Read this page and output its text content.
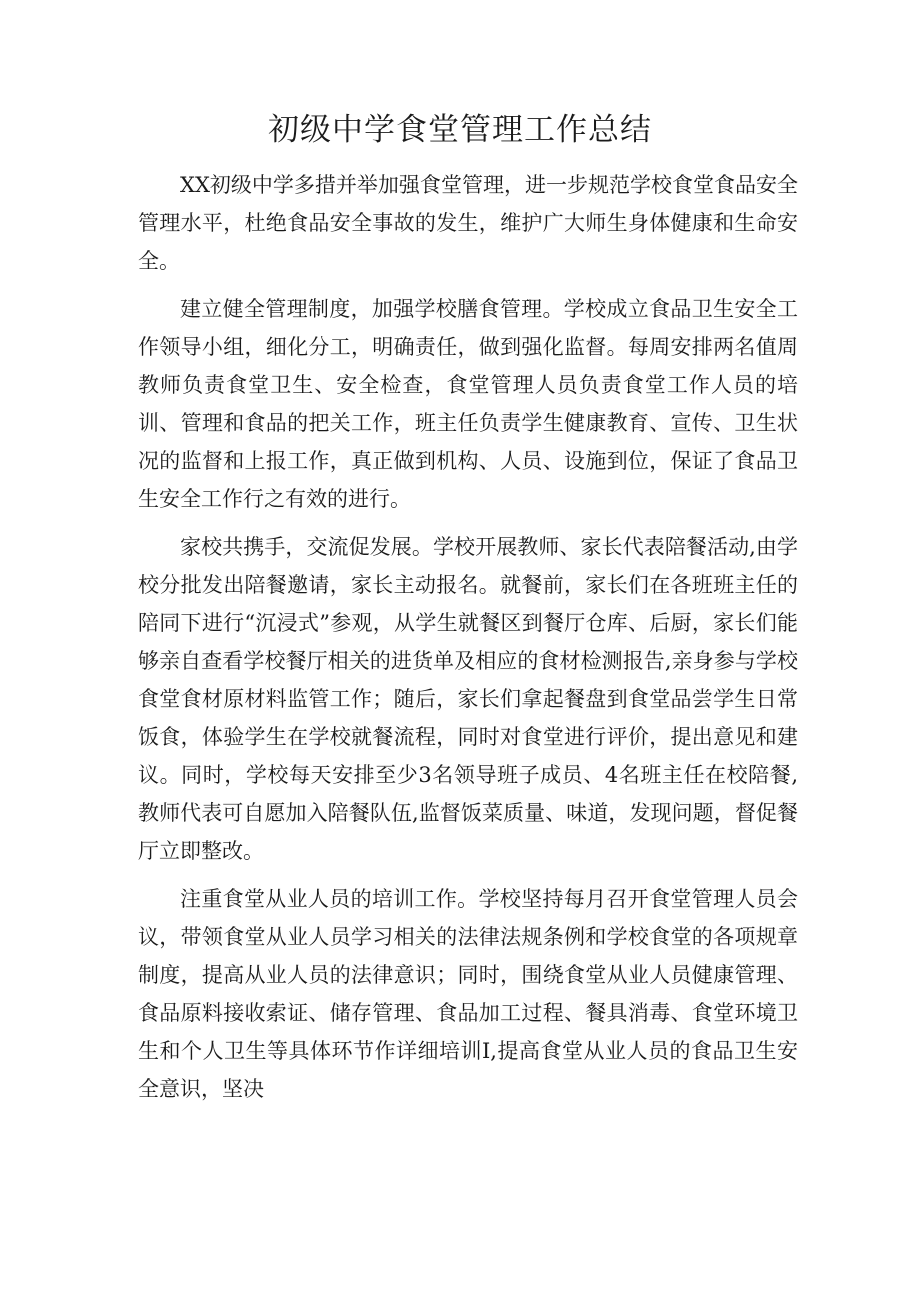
初级中学食堂管理工作总结

XX初级中学多措并举加强食堂管理，进一步规范学校食堂食品安全管理水平，杜绝食品安全事故的发生，维护广大师生身体健康和生命安全。

建立健全管理制度，加强学校膳食管理。学校成立食品卫生安全工作领导小组，细化分工，明确责任，做到强化监督。每周安排两名值周教师负责食堂卫生、安全检查，食堂管理人员负责食堂工作人员的培训、管理和食品的把关工作，班主任负责学生健康教育、宣传、卫生状况的监督和上报工作，真正做到机构、人员、设施到位，保证了食品卫生安全工作行之有效的进行。

家校共携手，交流促发展。学校开展教师、家长代表陪餐活动,由学校分批发出陪餐邀请，家长主动报名。就餐前，家长们在各班班主任的陪同下进行“沉浸式”参观，从学生就餐区到餐厅仓库、后厨，家长们能够亲自查看学校餐厅相关的进货单及相应的食材检测报告,亲身参与学校食堂食材原材料监管工作；随后，家长们拿起餐盘到食堂品尝学生日常饭食，体验学生在学校就餐流程，同时对食堂进行评价，提出意见和建议。同时，学校每天安排至少3名领导班子成员、4名班主任在校陪餐,教师代表可自愿加入陪餐队伍,监督饭菜质量、味道，发现问题，督促餐厅立即整改。

注重食堂从业人员的培训工作。学校坚持每月召开食堂管理人员会议，带领食堂从业人员学习相关的法律法规条例和学校食堂的各项规章制度，提高从业人员的法律意识；同时，围绕食堂从业人员健康管理、食品原料接收索证、储存管理、食品加工过程、餐具消毒、食堂环境卫生和个人卫生等具体环节作详细培训I,提高食堂从业人员的食品卫生安全意识，坚决
